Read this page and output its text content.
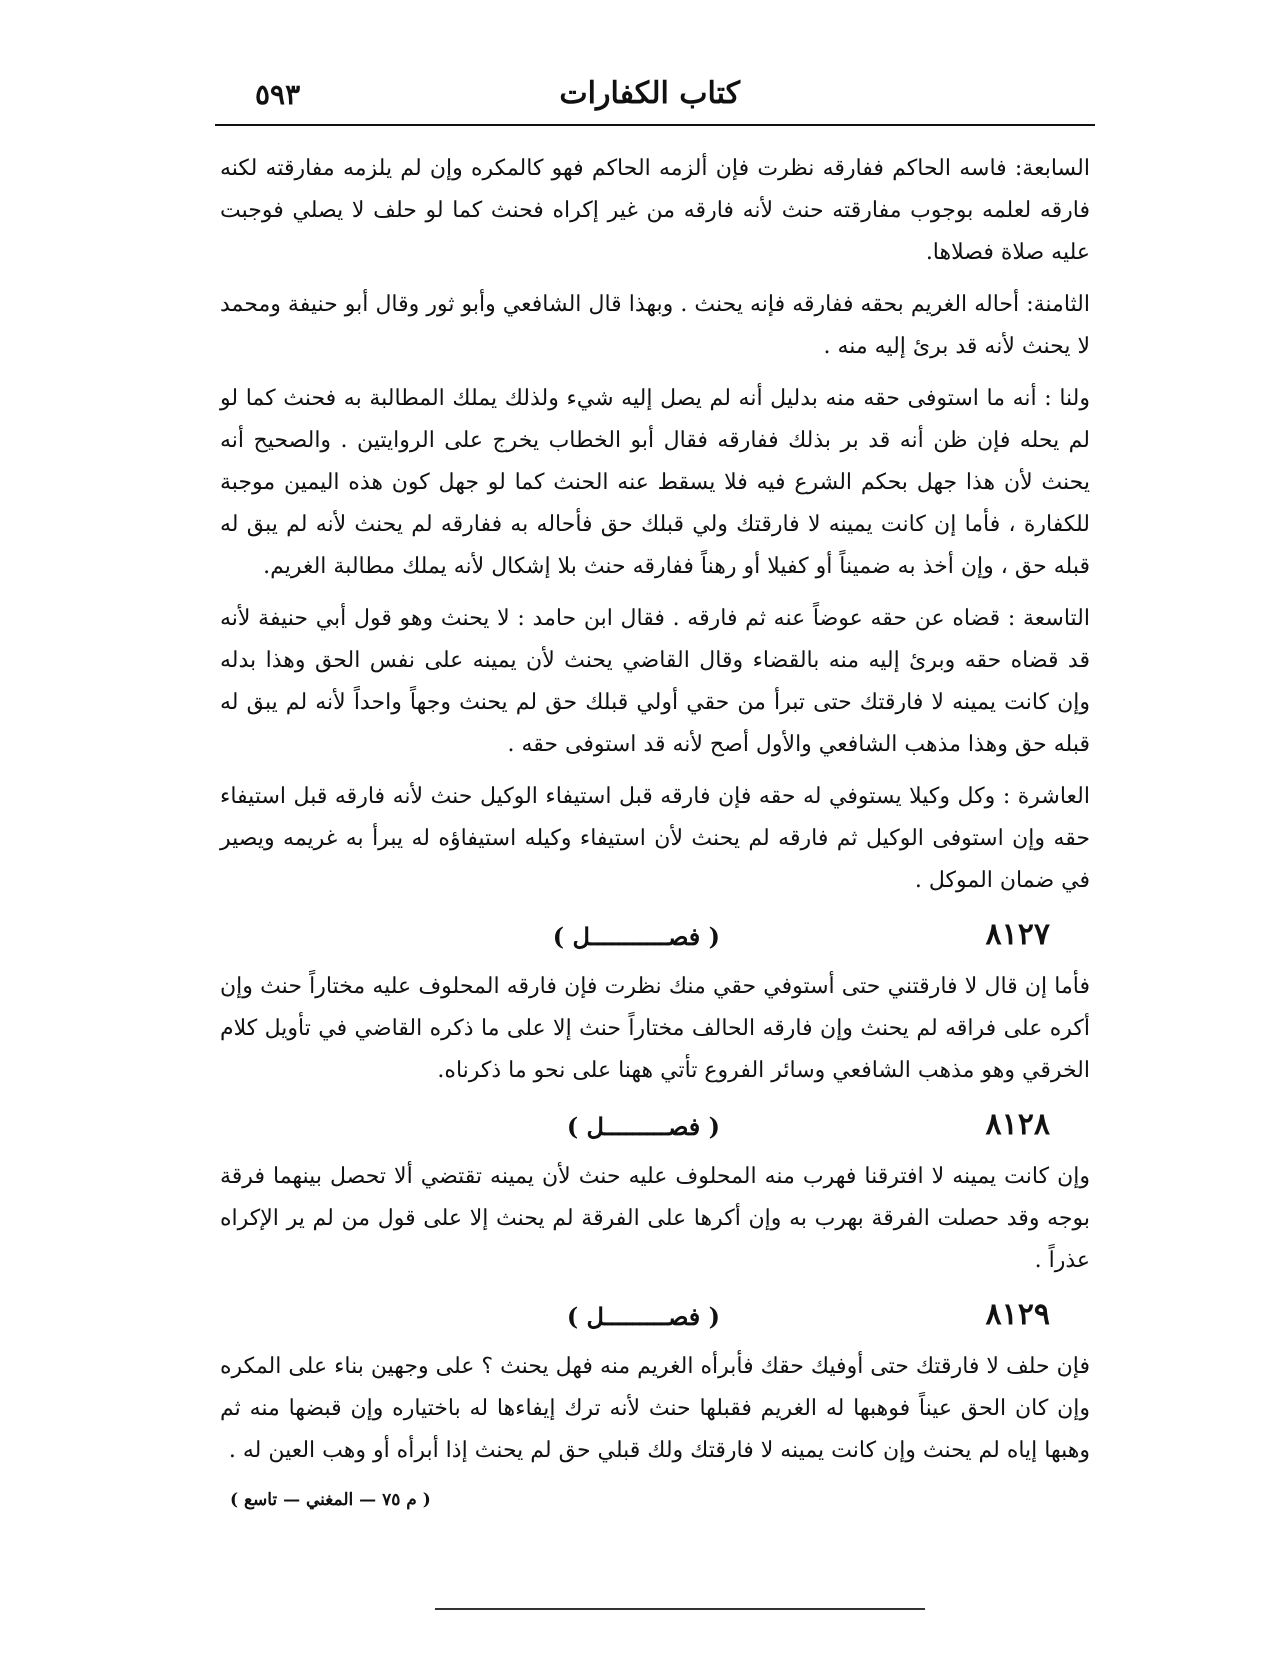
كتاب الكفارات
٥٩٣

السابعة: فاسه الحاكم ففارقه نظرت فإن ألزمه الحاكم فهو كالمكره وإن لم يلزمه مفارقته لكنه فارقه لعلمه بوجوب مفارقته حنث لأنه فارقه من غير إكراه فحنث كما لو حلف لا يصلي فوجبت عليه صلاة فصلاها.

الثامنة: أحاله الغريم بحقه ففارقه فإنه يحنث . وبهذا قال الشافعي وأبو ثور وقال أبو حنيفة ومحمد لا يحنث لأنه قد برئ إليه منه .

ولنا : أنه ما استوفى حقه منه بدليل أنه لم يصل إليه شيء ولذلك يملك المطالبة به فحنث كما لو لم يحله فإن ظن أنه قد بر بذلك ففارقه فقال أبو الخطاب يخرج على الروايتين . والصحيح أنه يحنث لأن هذا جهل بحكم الشرع فيه فلا يسقط عنه الحنث كما لو جهل كون هذه اليمين موجبة للكفارة ، فأما إن كانت يمينه لا فارقتك ولي قبلك حق فأحاله به ففارقه لم يحنث لأنه لم يبق له قبله حق ، وإن أخذ به ضميناً أو كفيلا أو رهناً ففارقه حنث بلا إشكال لأنه يملك مطالبة الغريم.

التاسعة : قضاه عن حقه عوضاً عنه ثم فارقه . فقال ابن حامد : لا يحنث وهو قول أبي حنيفة لأنه قد قضاه حقه وبرئ إليه منه بالقضاء وقال القاضي يحنث لأن يمينه على نفس الحق وهذا بدله وإن كانت يمينه لا فارقتك حتى تبرأ من حقي أولي قبلك حق لم يحنث وجهاً واحداً لأنه لم يبق له قبله حق وهذا مذهب الشافعي والأول أصح لأنه قد استوفى حقه .

العاشرة : وكل وكيلا يستوفي له حقه فإن فارقه قبل استيفاء الوكيل حنث لأنه فارقه قبل استيفاء حقه وإن استوفى الوكيل ثم فارقه لم يحنث لأن استيفاء وكيله استيفاؤه له يبرأ به غريمه ويصير في ضمان الموكل .

٨١٢٧
( فصـــــــــــل )

فأما إن قال لا فارقتني حتى أستوفي حقي منك نظرت فإن فارقه المحلوف عليه مختاراً حنث وإن أكره على فراقه لم يحنث وإن فارقه الحالف مختاراً حنث إلا على ما ذكره القاضي في تأويل كلام الخرقي وهو مذهب الشافعي وسائر الفروع تأتي ههنا على نحو ما ذكرناه.

٨١٢٨
( فصـــــــــل )

وإن كانت يمينه لا افترقنا فهرب منه المحلوف عليه حنث لأن يمينه تقتضي ألا تحصل بينهما فرقة بوجه وقد حصلت الفرقة بهرب به وإن أكرها على الفرقة لم يحنث إلا على قول من لم ير الإكراه عذراً .

٨١٢٩
( فصـــــــــل )

فإن حلف لا فارقتك حتى أوفيك حقك فأبرأه الغريم منه فهل يحنث ؟ على وجهين بناء على المكره وإن كان الحق عيناً فوهبها له الغريم فقبلها حنث لأنه ترك إيفاءها له باختياره وإن قبضها منه ثم وهبها إياه لم يحنث وإن كانت يمينه لا فارقتك ولك قبلي حق لم يحنث إذا أبرأه أو وهب العين له .

( م ٧٥ — المغني — تاسع )
